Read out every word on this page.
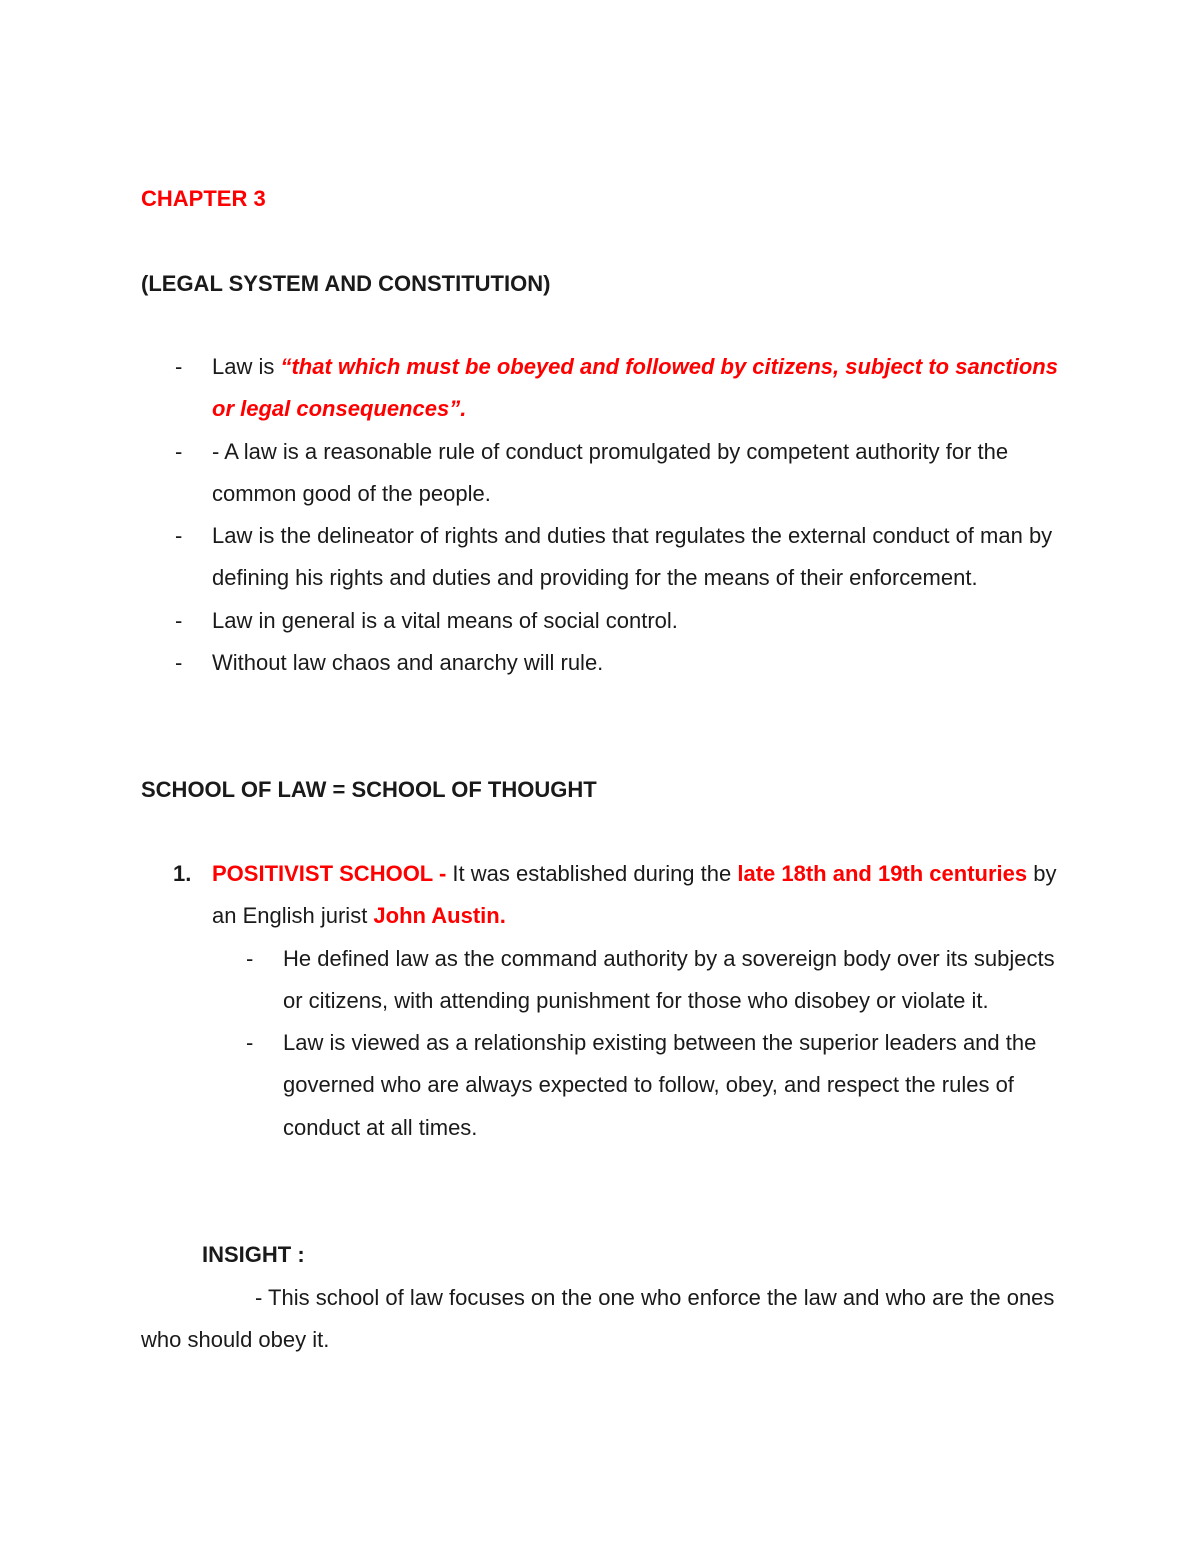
CHAPTER 3
(LEGAL SYSTEM AND CONSTITUTION)
- Law is “that which must be obeyed and followed by citizens, subject to sanctions or legal consequences”.
- - A law is a reasonable rule of conduct promulgated by competent authority for the common good of the people.
- Law is the delineator of rights and duties that regulates the external conduct of man by defining his rights and duties and providing for the means of their enforcement.
- Law in general is a vital means of social control.
- Without law chaos and anarchy will rule.
SCHOOL OF LAW = SCHOOL OF THOUGHT
1. POSITIVIST SCHOOL - It was established during the late 18th and 19th centuries by an English jurist John Austin.
- He defined law as the command authority by a sovereign body over its subjects or citizens, with attending punishment for those who disobey or violate it.
- Law is viewed as a relationship existing between the superior leaders and the governed who are always expected to follow, obey, and respect the rules of conduct at all times.
INSIGHT :
- This school of law focuses on the one who enforce the law and who are the ones who should obey it.
